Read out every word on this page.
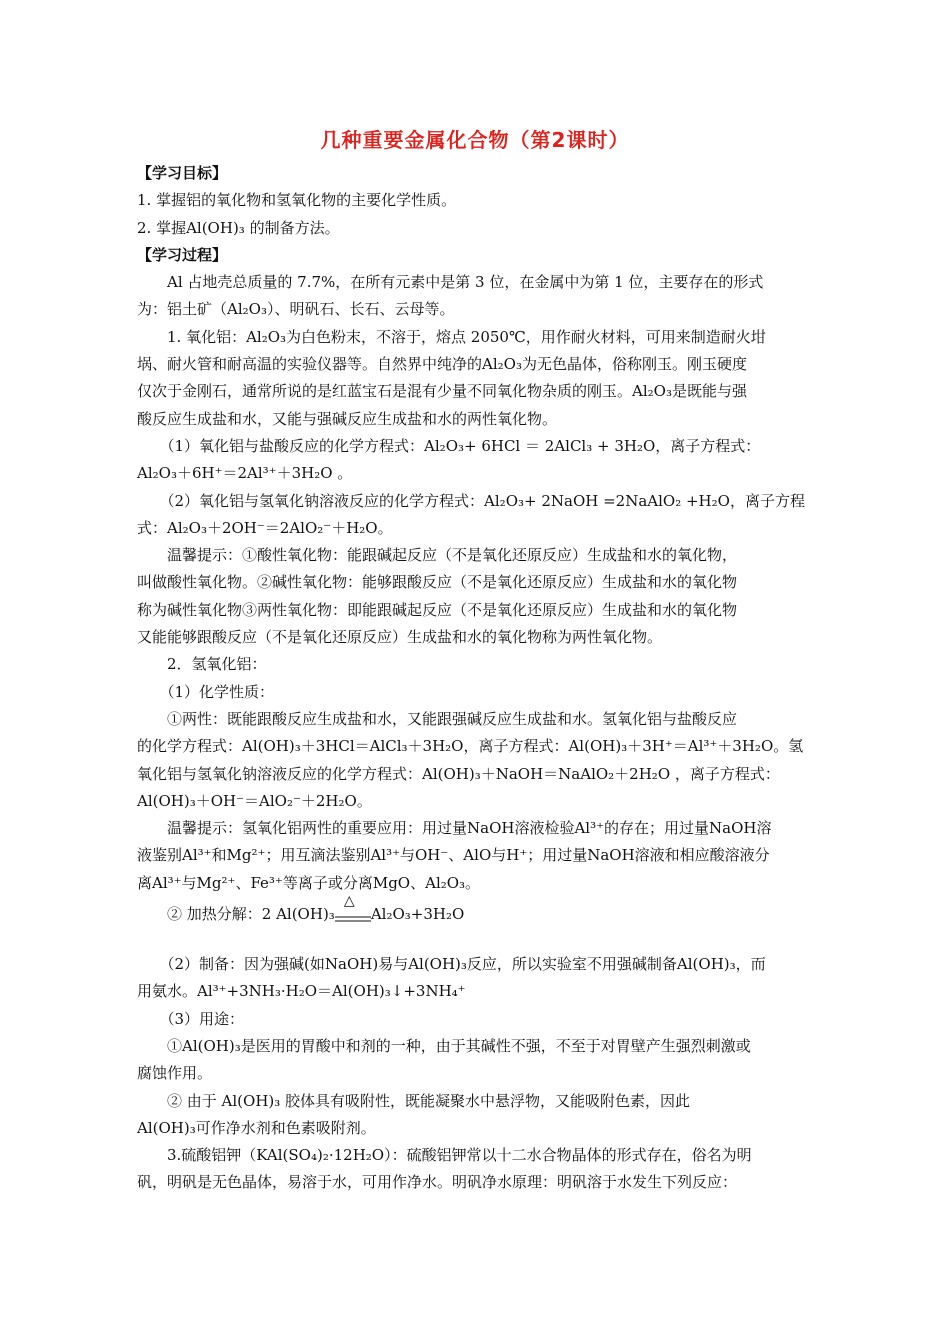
几种重要金属化合物（第2课时）
【学习目标】
1. 掌握铝的氧化物和氢氧化物的主要化学性质。
2. 掌握Al(OH)₃ 的制备方法。
【学习过程】
　　Al 占地壳总质量的 7.7%，在所有元素中是第 3 位，在金属中为第 1 位，主要存在的形式
为：铝土矿（Al₂O₃）、明矾石、长石、云母等。
　　1. 氧化铝：Al₂O₃为白色粉末，不溶于，熔点 2050℃，用作耐火材料，可用来制造耐火坩
埚、耐火管和耐高温的实验仪器等。自然界中纯净的Al₂O₃为无色晶体，俗称刚玉。刚玉硬度
仅次于金刚石，通常所说的是红蓝宝石是混有少量不同氧化物杂质的刚玉。Al₂O₃是既能与强
酸反应生成盐和水，又能与强碱反应生成盐和水的两性氧化物。
　　（1）氧化铝与盐酸反应的化学方程式：Al₂O₃+ 6HCl ＝ 2AlCl₃ + 3H₂O，离子方程式：
Al₂O₃＋6H⁺＝2Al³⁺＋3H₂O 。
　　（2）氧化铝与氢氧化钠溶液反应的化学方程式：Al₂O₃+ 2NaOH =2NaAlO₂ +H₂O，离子方程
式：Al₂O₃＋2OH⁻＝2AlO₂⁻＋H₂O。
　　温馨提示：①酸性氧化物：能跟碱起反应（不是氧化还原反应）生成盐和水的氧化物，
叫做酸性氧化物。②碱性氧化物：能够跟酸反应（不是氧化还原反应）生成盐和水的氧化物
称为碱性氧化物③两性氧化物：即能跟碱起反应（不是氧化还原反应）生成盐和水的氧化物
又能能够跟酸反应（不是氧化还原反应）生成盐和水的氧化物称为两性氧化物。
　　2．氢氧化铝：
　　（1）化学性质：
　　①两性：既能跟酸反应生成盐和水，又能跟强碱反应生成盐和水。氢氧化铝与盐酸反应
的化学方程式：Al(OH)₃＋3HCl＝AlCl₃＋3H₂O，离子方程式：Al(OH)₃＋3H⁺＝Al³⁺＋3H₂O。氢
氧化铝与氢氧化钠溶液反应的化学方程式：Al(OH)₃＋NaOH＝NaAlO₂＋2H₂O ，离子方程式：
Al(OH)₃＋OH⁻＝AlO₂⁻＋2H₂O。
　　温馨提示：氢氧化铝两性的重要应用：用过量NaOH溶液检验Al³⁺的存在；用过量NaOH溶
液鉴别Al³⁺和Mg²⁺；用互滴法鉴别Al³⁺与OH⁻、AlO与H⁺；用过量NaOH溶液和相应酸溶液分
离Al³⁺与Mg²⁺、Fe³⁺等离子或分离MgO、Al₂O₃。
　　② 加热分解：2 Al(OH)₃
△
Al₂O₃+3H₂O
　　（2）制备：因为强碱(如NaOH)易与Al(OH)₃反应，所以实验室不用强碱制备Al(OH)₃，而
用氨水。Al³⁺+3NH₃·H₂O＝Al(OH)₃↓+3NH₄⁺
　　（3）用途：
　　①Al(OH)₃是医用的胃酸中和剂的一种，由于其碱性不强，不至于对胃壁产生强烈刺激或
腐蚀作用。
　　② 由于 Al(OH)₃ 胶体具有吸附性，既能凝聚水中悬浮物，又能吸附色素，因此
Al(OH)₃可作净水剂和色素吸附剂。
　　3.硫酸铝钾（KAl(SO₄)₂·12H₂O）：硫酸铝钾常以十二水合物晶体的形式存在，俗名为明
矾，明矾是无色晶体，易溶于水，可用作净水。明矾净水原理：明矾溶于水发生下列反应：
